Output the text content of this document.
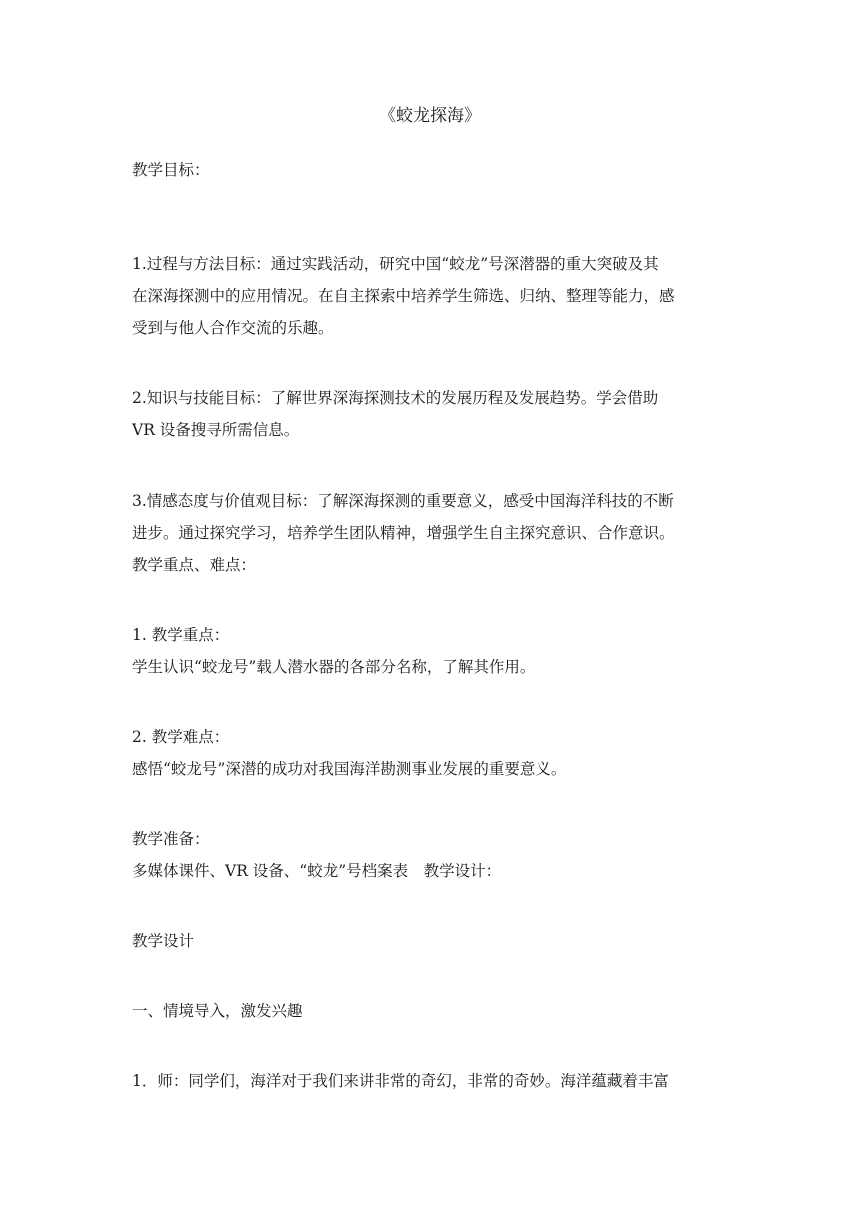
《蛟龙探海》
教学目标：
1.过程与方法目标：通过实践活动，研究中国“蛟龙”号深潜器的重大突破及其
在深海探测中的应用情况。在自主探索中培养学生筛选、归纳、整理等能力，感
受到与他人合作交流的乐趣。
2.知识与技能目标：了解世界深海探测技术的发展历程及发展趋势。学会借助
VR 设备搜寻所需信息。
3.情感态度与价值观目标：了解深海探测的重要意义，感受中国海洋科技的不断
进步。通过探究学习，培养学生团队精神，增强学生自主探究意识、合作意识。
教学重点、难点：
1. 教学重点：
学生认识“蛟龙号”载人潜水器的各部分名称，了解其作用。
2. 教学难点：
感悟“蛟龙号”深潜的成功对我国海洋勘测事业发展的重要意义。
教学准备：
多媒体课件、VR 设备、“蛟龙”号档案表　教学设计：
教学设计
一、情境导入，激发兴趣
1．师：同学们，海洋对于我们来讲非常的奇幻，非常的奇妙。海洋蕴藏着丰富
